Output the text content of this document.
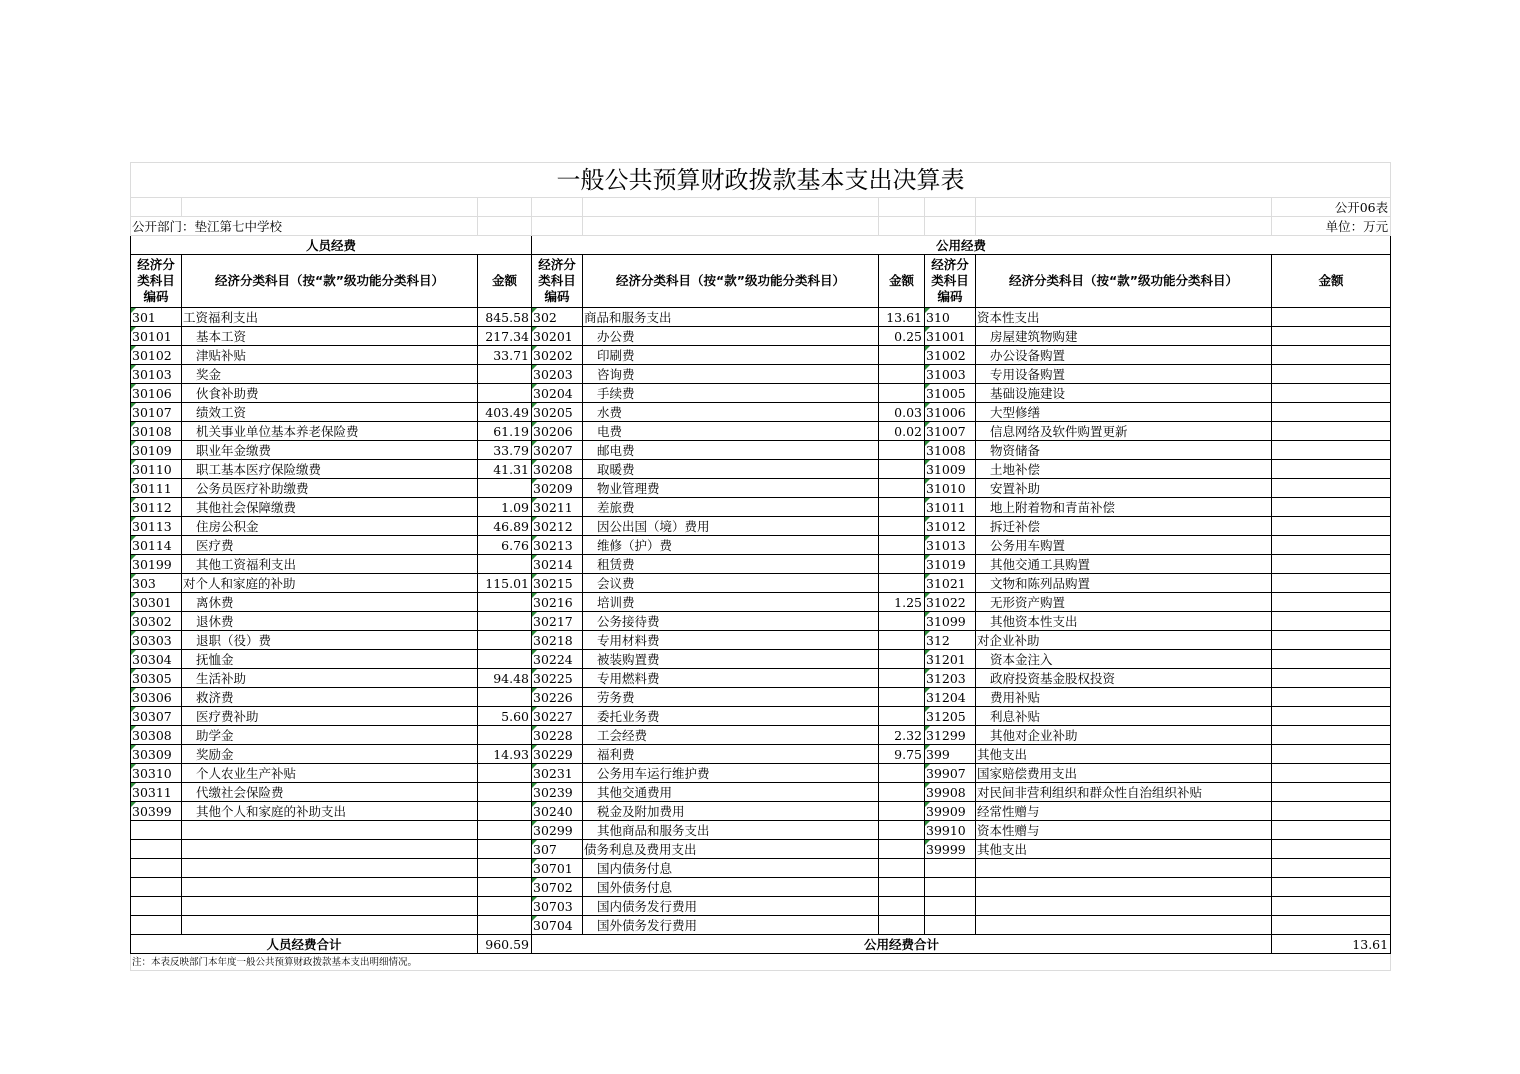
一般公共预算财政拨款基本支出决算表								
								公开06表
公开部门：垫江第七中学校								单位：万元
人员经费			公用经费					
经济分类科目编码	经济分类科目（按“款”级功能分类科目）	金额	经济分类科目编码	经济分类科目（按“款”级功能分类科目）	金额	经济分类科目编码	经济分类科目（按“款”级功能分类科目）	金额
301	工资福利支出	845.58	302	商品和服务支出	13.61	310	资本性支出	
30101	基本工资	217.34	30201	办公费	0.25	31001	房屋建筑物购建	
30102	津贴补贴	33.71	30202	印刷费		31002	办公设备购置	
30103	奖金		30203	咨询费		31003	专用设备购置	
30106	伙食补助费		30204	手续费		31005	基础设施建设	
30107	绩效工资	403.49	30205	水费	0.03	31006	大型修缮	
30108	机关事业单位基本养老保险费	61.19	30206	电费	0.02	31007	信息网络及软件购置更新	
30109	职业年金缴费	33.79	30207	邮电费		31008	物资储备	
30110	职工基本医疗保险缴费	41.31	30208	取暖费		31009	土地补偿	
30111	公务员医疗补助缴费		30209	物业管理费		31010	安置补助	
30112	其他社会保障缴费	1.09	30211	差旅费		31011	地上附着物和青苗补偿	
30113	住房公积金	46.89	30212	因公出国（境）费用		31012	拆迁补偿	
30114	医疗费	6.76	30213	维修（护）费		31013	公务用车购置	
30199	其他工资福利支出		30214	租赁费		31019	其他交通工具购置	
303	对个人和家庭的补助	115.01	30215	会议费		31021	文物和陈列品购置	
30301	离休费		30216	培训费	1.25	31022	无形资产购置	
30302	退休费		30217	公务接待费		31099	其他资本性支出	
30303	退职（役）费		30218	专用材料费		312	对企业补助	
30304	抚恤金		30224	被装购置费		31201	资本金注入	
30305	生活补助	94.48	30225	专用燃料费		31203	政府投资基金股权投资	
30306	救济费		30226	劳务费		31204	费用补贴	
30307	医疗费补助	5.60	30227	委托业务费		31205	利息补贴	
30308	助学金		30228	工会经费	2.32	31299	其他对企业补助	
30309	奖励金	14.93	30229	福利费	9.75	399	其他支出	
30310	个人农业生产补贴		30231	公务用车运行维护费		39907	国家赔偿费用支出	
30311	代缴社会保险费		30239	其他交通费用		39908	对民间非营利组织和群众性自治组织补贴	
30399	其他个人和家庭的补助支出		30240	税金及附加费用		39909	经常性赠与	
			30299	其他商品和服务支出		39910	资本性赠与	
			307	债务利息及费用支出		39999	其他支出	
			30701	国内债务付息				
			30702	国外债务付息				
			30703	国内债务发行费用				
			30704	国外债务发行费用				
人员经费合计		960.59	公用经费合计					13.61
注：本表反映部门本年度一般公共预算财政拨款基本支出明细情况。								
